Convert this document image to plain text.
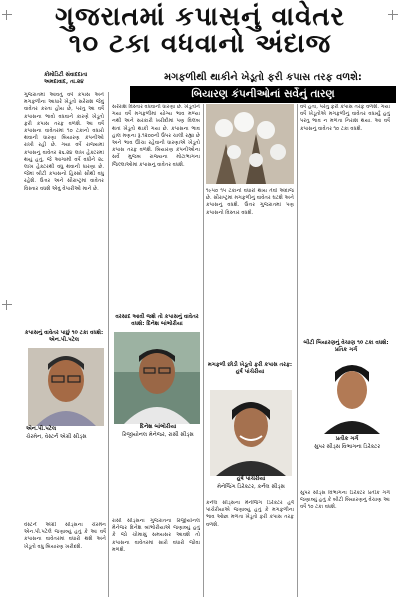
ગુજરાતમાં કપાસનું વાવેતર
૧૦ ટકા વધવાનો અંદાજ
કોમોડિટી સંવાદદાતા
અમદાવાદ, તા.૨૪	મગફળીથી થાકીને ખેડૂતો ફરી કપાસ તરફ વળશે:
બિયારણ કંપનીઓનાં સર્વેનું તારણ
ગુજરાતમાં આવતું વર્ષે કપાસ અને મગફળીના આધારે ખેડૂતો સરેરાશ જેવું વાવેતર કરતા હોય છે, પરંતુ આ વર્ષે કપાસના ભાવો વધવાને કારણે ખેડૂતો ફરી કપાસ તરફ વળશે. આ વર્ષે કપાસના વાવેતરમાં ૧૦ ટકાનો વધારો થવાની ધારણા બિયારણ કંપનીઓ રાખી રહી છે. ગયા વર્ષે રાજ્યમાં કપાસનું વાવેતર ૨૬.૨૪ લાખ હેક્ટરમાં થયું હતું, જે આગામી વર્ષે વધીને ૨૮ લાખ હેક્ટરથી વધુ થવાની ધારણા છે. જેમાં બીટી કપાસનો હિસ્સો સૌથી વધુ રહેશે. ઉત્તર અને સૌરાષ્ટ્રમાં વાવેતર વિસ્તાર વધશે એવું વેપારીઓ માને છે.
કપાસનું વાવેતર પાછું ૧૦ ટકા વધશે: એન.પી.પટેલ
એન.પી.પટેલ
ચેરમેન, વેસ્ટર્ન એગ્રી સીડ્સ
વેસ્ટર્ન એગ્રી સીડ્સના ચેરમેન એન.પી.પટેલે જણાવ્યું હતું કે આ વર્ષે કપાસના વાવેતરમાં વધારો થશે અને ખેડૂતો વધુ બિયારણ ખરીદશે.
સરેરાશ વિસ્તાર વધવાની ધારણા છે. ખેડૂતોને ગયા વર્ષે મગફળીમાં યોગ્ય ભાવ મળ્યા નથી અને સરકારી ખરીદીમાં પણ વિલંબ થતાં ખેડૂતો થાકી ગયા છે. કપાસના ભાવ હાલ મણના રૂ.૧૨૦૦ની ઉપર ચાલી રહ્યા છે અને ભાવ ઊંચા રહેવાની ધારણાએ ખેડૂતો કપાસ તરફ વળશે. બિયારણ કંપનીઓના સર્વે મુજબ રાજ્યના મોટાભાગના જિલ્લાઓમાં કપાસનું વાવેતર વધશે.
વરસાદ આવી જશે તો કપાસનું વાવેતર વધશે: દિનેશ બાંભોરીયા
દિનેશ બાંભોરીયા
રિજીયોનલ મેનેજર, રાસી સીડ્સ
રાસી સીડ્સના ગુજરાતના રિજીયોનલ મેનેજર દિનેશ બાંભોરીયાએ જણાવ્યું હતું કે જો ચોમાસું સમયસર આવશે તો કપાસના વાવેતરમાં સારો વધારો જોવા મળશે.
૧૯૫૦ ૧૫ ટકાનો વધારો થાય તેવો અંદાજ છે. સૌરાષ્ટ્રમાં મગફળીનું વાવેતર ઘટશે અને કપાસનું વધશે. ઉત્તર ગુજરાતમાં પણ કપાસનો વિસ્તાર વધશે.
મગફળી છોડી ખેડૂતો ફરી કપાસ તરફ: હર્ષ પાંચેરીયા
હર્ષ પાંચેરીયા
મેનેજિંગ ડિરેક્ટર, કર્નલ સીડ્સ
કર્નલ સીડ્સના મેનેજિંગ ડિરેક્ટર હર્ષ પાંચેરીયાએ જણાવ્યું હતું કે મગફળીના ભાવ ઓછા મળતા ખેડૂતો ફરી કપાસ તરફ વળશે.
વર્ષે હતા, પરંતુ ફરી કપાસ તરફ વળશે. ગયા વર્ષે ખેડૂતોએ મગફળીનું વાવેતર વધાર્યું હતું પરંતુ ભાવ ન મળતા નિરાશ થયા. આ વર્ષે કપાસનું વાવેતર ૧૦ ટકા વધશે.
બીટી બિયારણનું વેચાણ ૧૦ ટકા વધશે: પ્રતિક ગર્ગ
પ્રતીક ગર્ગ
સુપર સીડ્સ વિભાગના ડિરેક્ટર
સુપર સીડ્સ વિભાગના ડિરેક્ટર પ્રતીક ગર્ગે જણાવ્યું હતું કે બીટી બિયારણનું વેચાણ આ વર્ષે ૧૦ ટકા વધશે.
